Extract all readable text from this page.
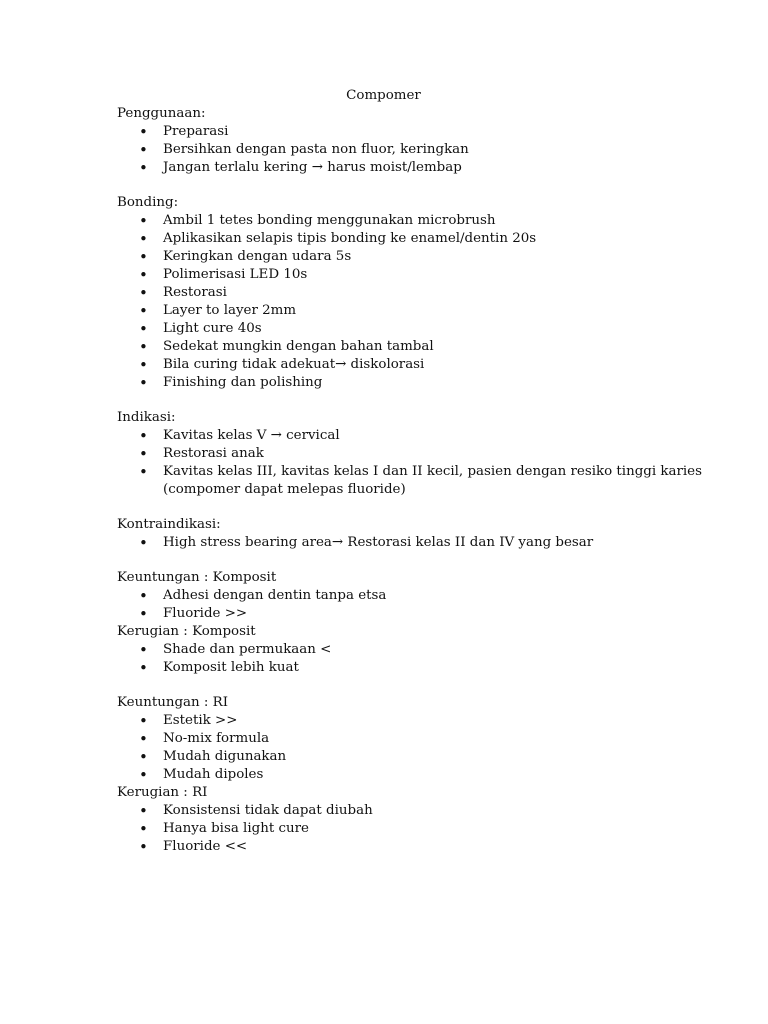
Compomer
Penggunaan:
• Preparasi
• Bersihkan dengan pasta non fluor, keringkan
• Jangan terlalu kering → harus moist/lembap
Bonding:
• Ambil 1 tetes bonding menggunakan microbrush
• Aplikasikan selapis tipis bonding ke enamel/dentin 20s
• Keringkan dengan udara 5s
• Polimerisasi LED 10s
• Restorasi
• Layer to layer 2mm
• Light cure 40s
• Sedekat mungkin dengan bahan tambal
• Bila curing tidak adekuat→ diskolorasi
• Finishing dan polishing
Indikasi:
• Kavitas kelas V → cervical
• Restorasi anak
• Kavitas kelas III, kavitas kelas I dan II kecil, pasien dengan resiko tinggi karies (compomer dapat melepas fluoride)
Kontraindikasi:
• High stress bearing area→ Restorasi kelas II dan IV yang besar
Keuntungan : Komposit
• Adhesi dengan dentin tanpa etsa
• Fluoride >>
Kerugian : Komposit
• Shade dan permukaan <
• Komposit lebih kuat
Keuntungan : RI
• Estetik >>
• No-mix formula
• Mudah digunakan
• Mudah dipoles
Kerugian : RI
• Konsistensi tidak dapat diubah
• Hanya bisa light cure
• Fluoride <<
